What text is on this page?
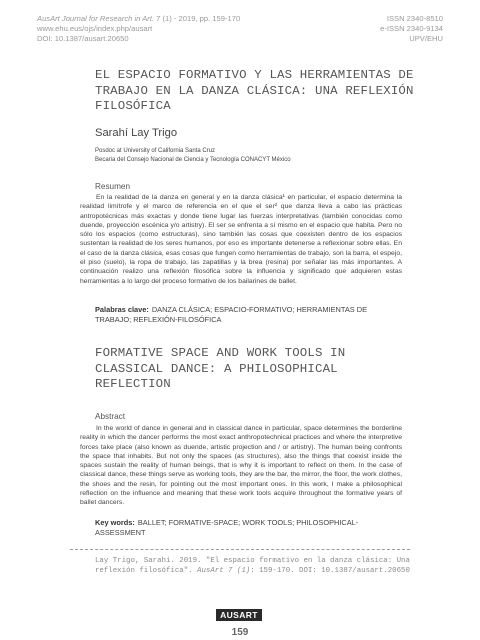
AusArt Journal for Research in Art. 7 (1) - 2019, pp. 159-170
www.ehu.eus/ojs/index.php/ausart
DOI: 10.1387/ausart.20650
ISSN 2340-8510
e-ISSN 2340-9134
UPV/EHU
EL ESPACIO FORMATIVO Y LAS HERRAMIENTAS DE TRABAJO EN LA DANZA CLÁSICA: UNA REFLEXIÓN FILOSÓFICA
Sarahí Lay Trigo
Posdoc at University of California Santa Cruz
Becaria del Consejo Nacional de Ciencia y Tecnología CONACYT México
Resumen
En la realidad de la danza en general y en la danza clásica¹ en particular, el espacio determina la realidad limítrofe y el marco de referencia en el que el ser² que danza lleva a cabo las prácticas antropotécnicas más exactas y donde tiene lugar las fuerzas interpretativas (también conocidas como duende, proyección escénica y/o artistry). El ser se enfrenta a sí mismo en el espacio que habita. Pero no sólo los espacios (como estructuras), sino también las cosas que coexisten dentro de los espacios sustentan la realidad de los seres humanos, por eso es importante detenerse a reflexionar sobre ellas. En el caso de la danza clásica, esas cosas que fungen como herramientas de trabajo, son la barra, el espejo, el piso (suelo), la ropa de trabajo, las zapatillas y la brea (resina) por señalar las más importantes. A continuación realizo una reflexión filosófica sobre la influencia y significado que adquieren estas herramientas a lo largo del proceso formativo de los bailarines de ballet.
Palabras clave: DANZA CLÁSICA; ESPACIO-FORMATIVO; HERRAMIENTAS DE TRABAJO; REFLEXIÓN-FILOSÓFICA
FORMATIVE SPACE AND WORK TOOLS IN CLASSICAL DANCE: A PHILOSOPHICAL REFLECTION
Abstract
In the world of dance in general and in classical dance in particular, space determines the borderline reality in which the dancer performs the most exact anthropotechnical practices and where the interpretive forces take place (also known as duende, artistic projection and / or artistry). The human being confronts the space that inhabits. But not only the spaces (as structures), also the things that coexist inside the spaces sustain the reality of human beings, that is why it is important to reflect on them. In the case of classical dance, these things serve as working tools, they are the bar, the mirror, the floor, the work clothes, the shoes and the resin, for pointing out the most important ones. In this work, I make a philosophical reflection on the influence and meaning that these work tools acquire throughout the formative years of ballet dancers.
Key words: BALLET; FORMATIVE-SPACE; WORK TOOLS; PHILOSOPHICAL-ASSESSMENT
Lay Trigo, Sarahí. 2019. "El espacio formativo en la danza clásica: Una reflexión filosófica". AusArt 7 (1): 159-170. DOI: 10.1387/ausart.20650
AUSART
159
